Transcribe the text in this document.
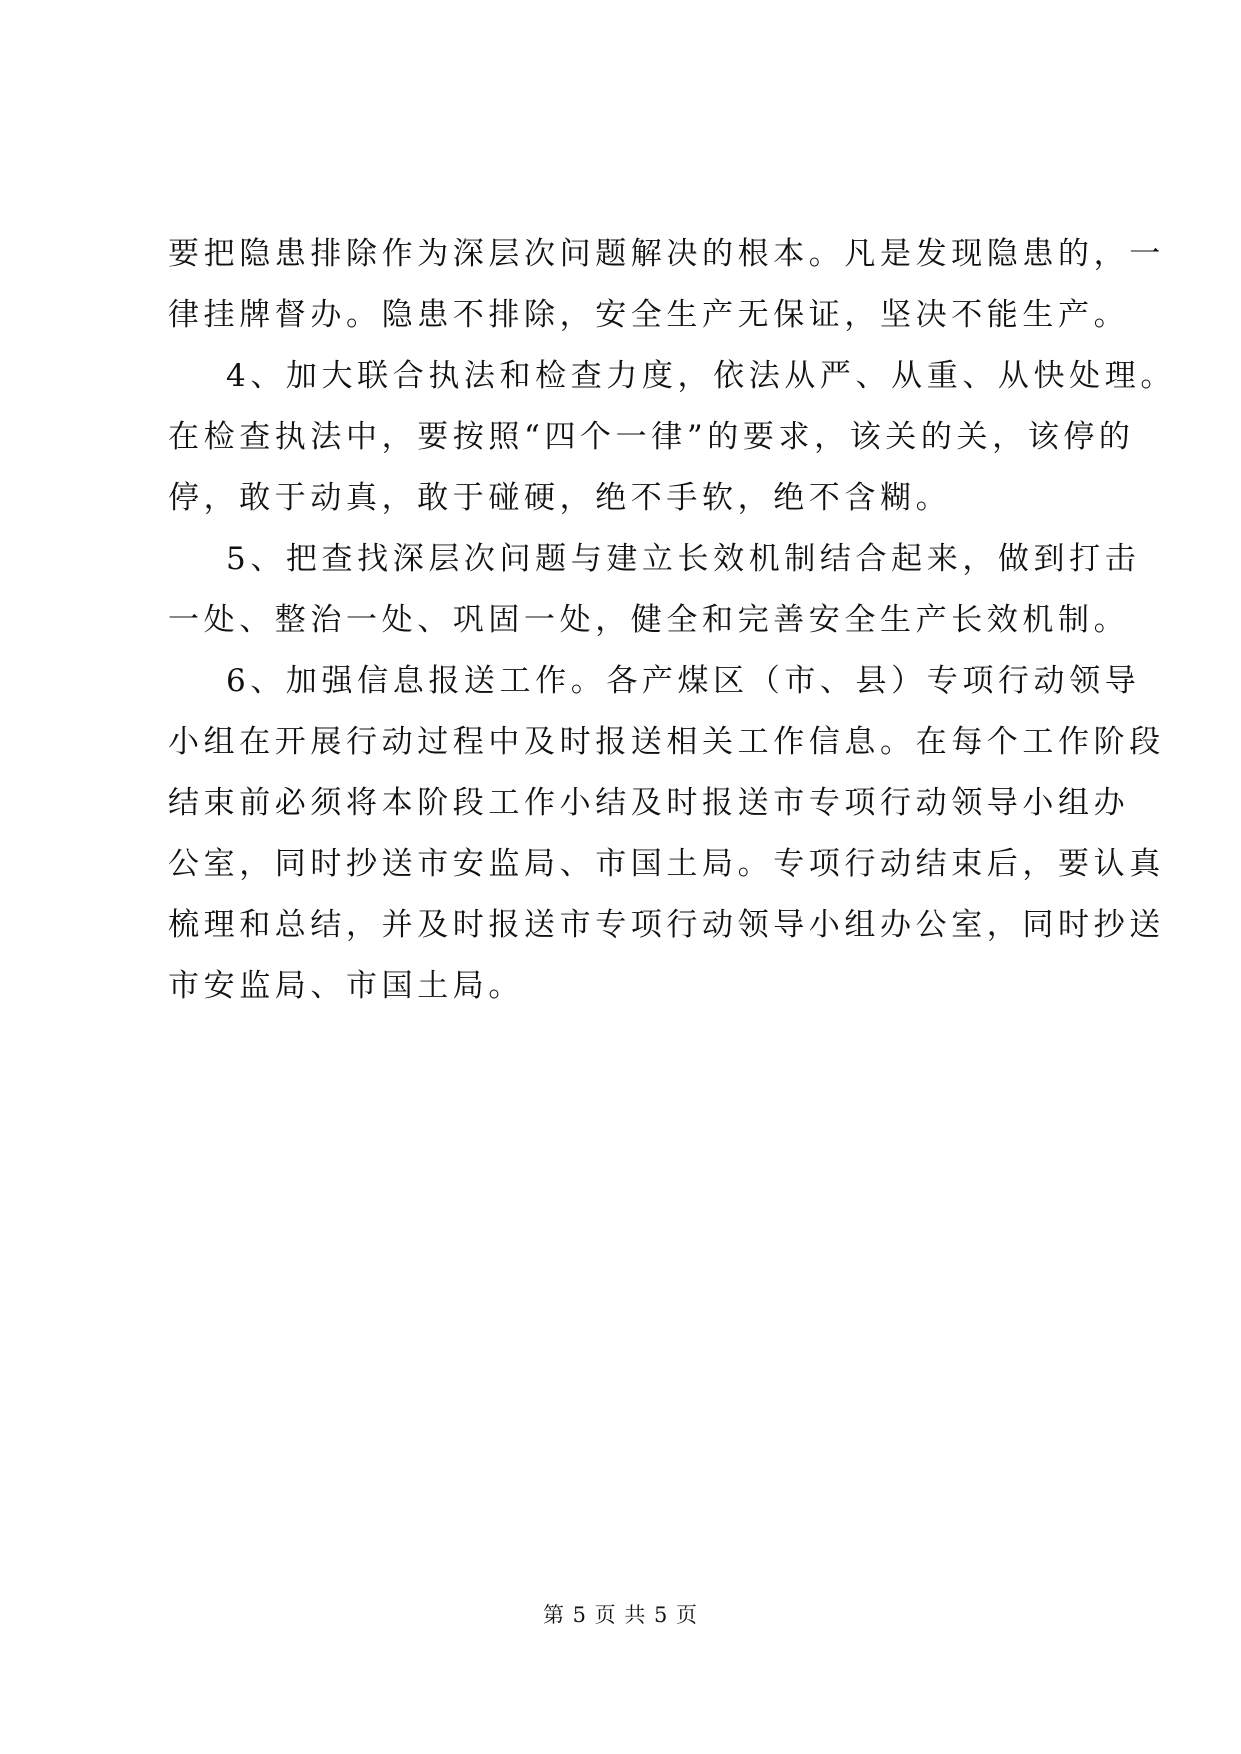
要把隐患排除作为深层次问题解决的根本。凡是发现隐患的，一
律挂牌督办。隐患不排除，安全生产无保证，坚决不能生产。
4、加大联合执法和检查力度，依法从严、从重、从快处理。
在检查执法中，要按照“四个一律”的要求，该关的关，该停的
停，敢于动真，敢于碰硬，绝不手软，绝不含糊。
5、把查找深层次问题与建立长效机制结合起来，做到打击
一处、整治一处、巩固一处，健全和完善安全生产长效机制。
6、加强信息报送工作。各产煤区（市、县）专项行动领导
小组在开展行动过程中及时报送相关工作信息。在每个工作阶段
结束前必须将本阶段工作小结及时报送市专项行动领导小组办
公室，同时抄送市安监局、市国土局。专项行动结束后，要认真
梳理和总结，并及时报送市专项行动领导小组办公室，同时抄送
市安监局、市国土局。
第 5 页 共 5 页
